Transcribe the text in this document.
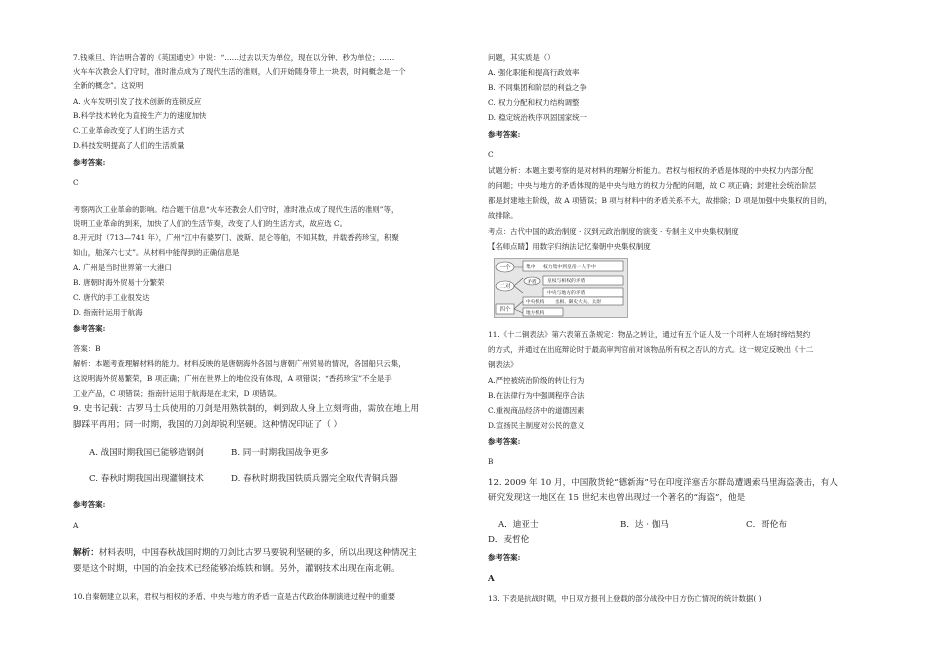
7.钱乘旦、许洁明合著的《英国通史》中说：“……过去以天为单位，现在以分钟、秒为单位；……
火车车次教会人们守时，准时准点成为了现代生活的准则，人们开始随身带上一块表，时间概念是一个
全新的概念”。这说明
A. 火车发明引发了技术创新的连锁反应
B.科学技术转化为直接生产力的速度加快
C.工业革命改变了人们的生活方式
D.科技发明提高了人们的生活质量
参考答案:
C
考察两次工业革命的影响。结合题干信息“火车还教会人们守时，准时准点成了现代生活的准则”等，
说明工业革命的到来，加快了人们的生活节奏，改变了人们的生活方式，故应选 C。
8.开元时（713—741 年），广州“江中有婆罗门、波斯、昆仑等舶，不知其数，并载香药珍宝，积聚
如山，舶深六七丈”。从材料中能得到的正确信息是
A. 广州是当时世界第一大港口
B. 唐朝时海外贸易十分繁荣
C. 唐代的手工业很发达
D. 指南针运用于航海
参考答案:
答案：B
解析：本题考查理解材料的能力。材料反映的是唐朝海外各国与唐朝广州贸易的情况，各国船只云集，
这说明海外贸易繁荣，B 项正确；广州在世界上的地位没有体现，A 项错误；“香药珍宝”不全是手
工业产品，C 项错误；指南针运用于航海是在北宋，D 项错误。
9. 史书记载：古罗马士兵使用的刀剑是用熟铁制的，刺到敌人身上立刻弯曲，需放在地上用
脚踩平再用；同一时期，我国的刀剑却锐利坚硬。这种情况印证了（ ）
A. 战国时期我国已能够造钢剑	B. 同一时期我国战争更多
C. 春秋时期我国出现灌钢技术	D. 春秋时期我国铁质兵器完全取代青铜兵器
参考答案:
A
解析：材料表明，中国春秋战国时期的刀剑比古罗马要锐利坚硬的多，所以出现这种情况主
要是这个时期，中国的冶金技术已经能够冶炼铁和钢。另外，灌钢技术出现在南北朝。
10.自秦朝建立以来，君权与相权的矛盾、中央与地方的矛盾一直是古代政治体制演进过程中的重要
问题，其实质是（）
A. 强化职能和提高行政效率
B. 不同集团和阶层的利益之争
C. 权力分配和权力结构调整
D. 稳定统治秩序巩固国家统一
参考答案:
C
试题分析：本题主要考察的是对材料的理解分析能力。君权与相权的矛盾是体现的中央权力内部分配
的问题；中央与地方的矛盾体现的是中央与地方的权力分配的问题，故 C 项正确；封建社会统治阶层
都是封建地主阶级，故 A 项错误；B 项与材料中的矛盾关系不大，故排除；D 项是加强中央集权的目的，
故排除。
考点：古代中国的政治制度 · 汉到元政治制度的演变 · 专制主义中央集权制度
【名师点睛】用数字归纳法记忆秦朝中央集权制度
一个
二对
四个
集中 权力集中到皇帝一人手中
矛盾 皇权与相权的矛盾
中央与地方的矛盾
中央机构 丞相、御史大夫、太尉
地方机构
11.《十二铜表法》第六表第五条规定：物品之转让，通过有五个证人及一个司秤人在场时缔结契约
的方式，并通过在出庭辩论时于最高审判官前对该物品所有权之否认的方式。这一规定反映出《十二
铜表法》
A.严控被统治阶级的转让行为
B.在法律行为中强调程序合法
C.重视商品经济中的道德因素
D.宣扬民主制度对公民的意义
参考答案:
B
12. 2009 年 10 月，中国散货轮“德新海”号在印度洋塞舌尔群岛遭遇索马里海盗袭击，有人
研究发现这一地区在 15 世纪末也曾出现过一个著名的“海盗”，他是
A．迪亚士	B．达 · 伽马	C．哥伦布
D．麦哲伦
参考答案:
A
13. 下表是抗战时期，中日双方报刊上登载的部分战役中日方伤亡情况的统计数据( )
